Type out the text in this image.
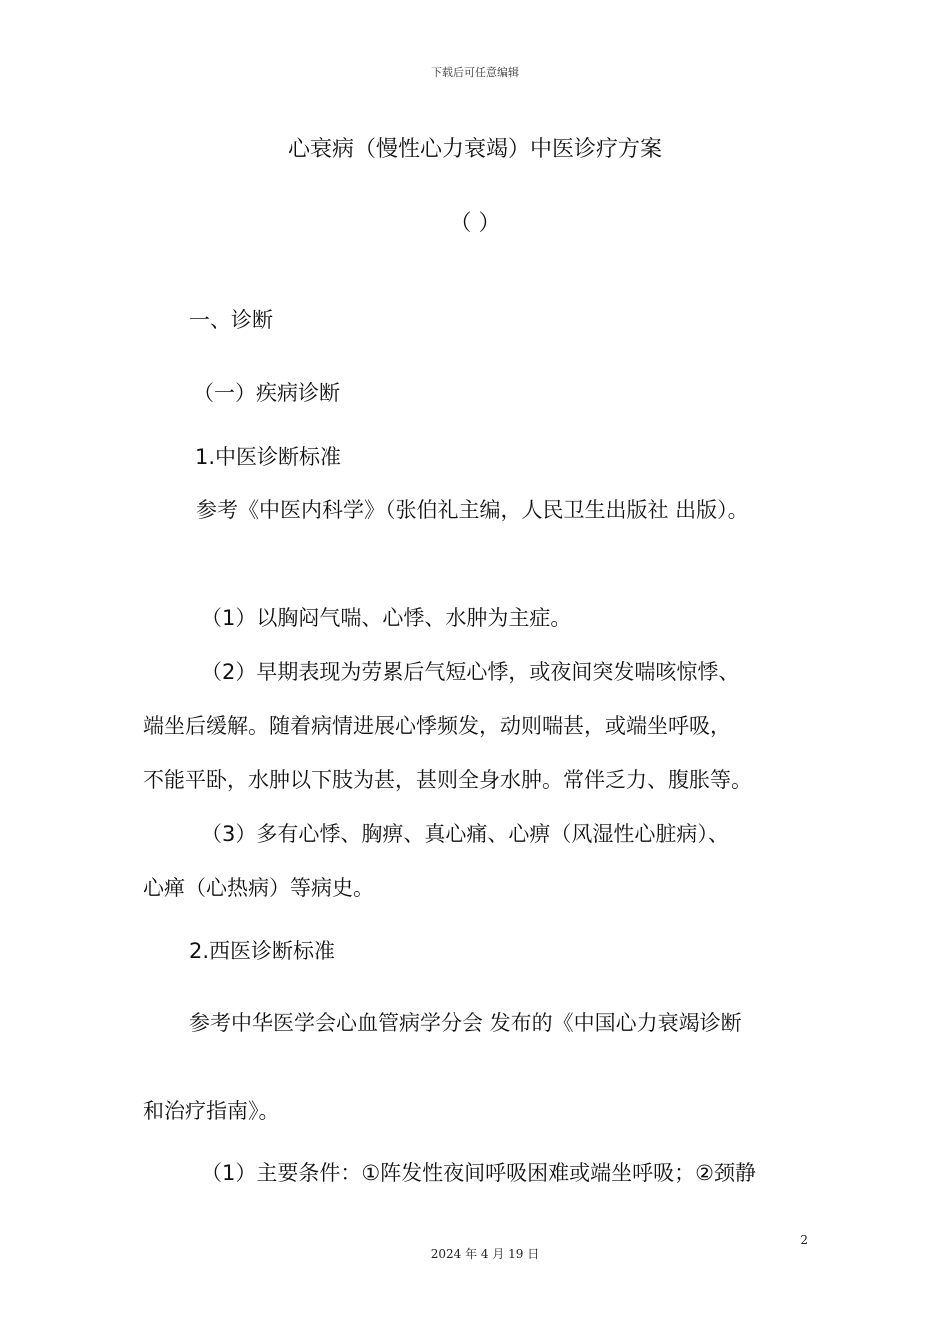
下载后可任意编辑
心衰病（慢性心力衰竭）中医诊疗方案
（ ）
一、诊断
（一）疾病诊断
1.中医诊断标准
参考《中医内科学》（张伯礼主编，人民卫生出版社 出版）。
（1）以胸闷气喘、心悸、水肿为主症。
（2）早期表现为劳累后气短心悸，或夜间突发喘咳惊悸、
端坐后缓解。随着病情进展心悸频发，动则喘甚，或端坐呼吸，
不能平卧，水肿以下肢为甚，甚则全身水肿。常伴乏力、腹胀等。
（3）多有心悸、胸痹、真心痛、心痹（风湿性心脏病）、
心瘅（心热病）等病史。
2.西医诊断标准
参考中华医学会心血管病学分会 发布的《中国心力衰竭诊断
和治疗指南》。
（1）主要条件：①阵发性夜间呼吸困难或端坐呼吸；②颈静
2
2024 年 4 月 19 日
